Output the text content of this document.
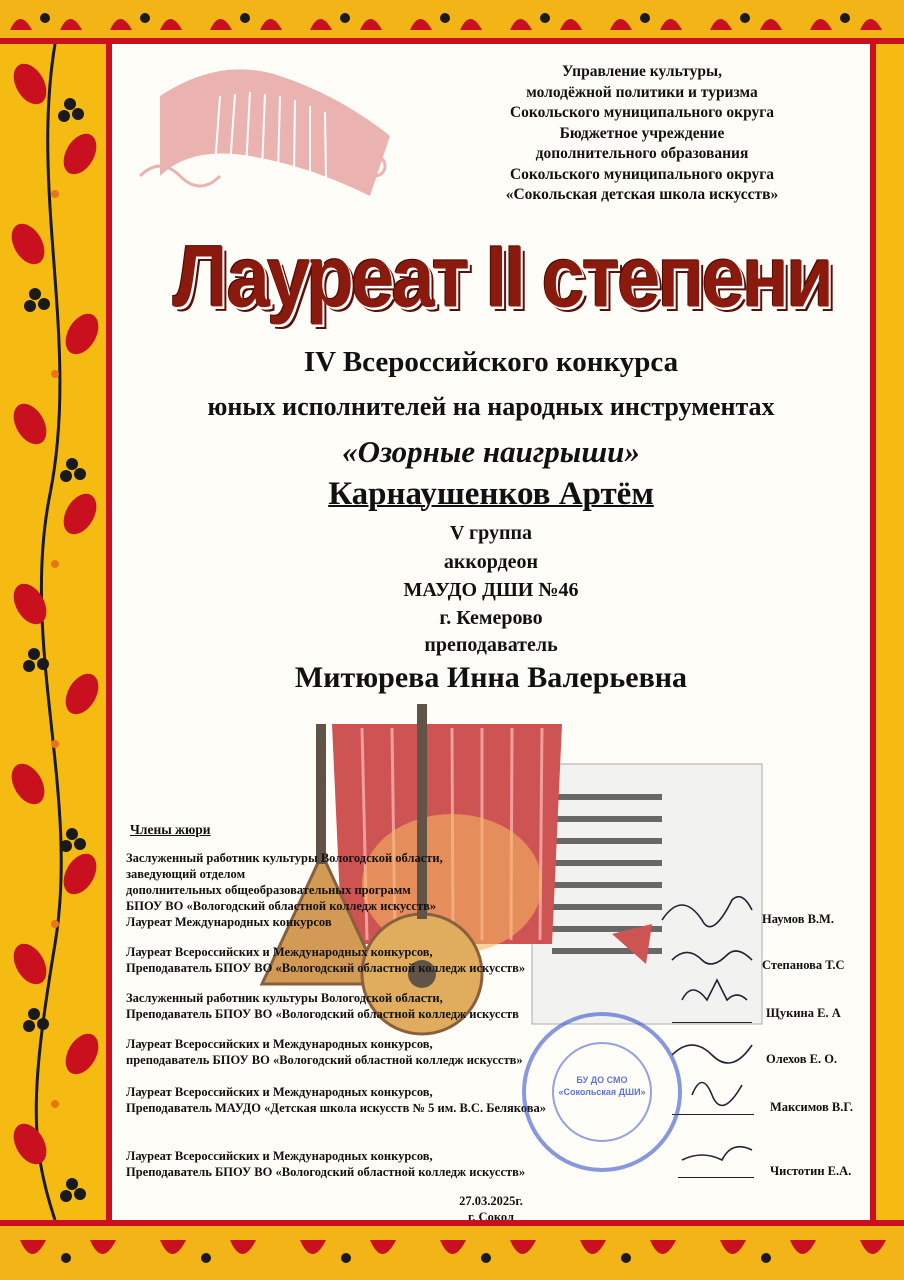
Управление культуры,
молодёжной политики и туризма
Сокольского муниципального округа
Бюджетное учреждение
дополнительного образования
Сокольского муниципального округа
«Сокольская детская школа искусств»
Лауреат II степени
IV Всероссийского конкурса
юных исполнителей на народных инструментах
«Озорные наигрыши»
Карнаушенков Артём
V группа
аккордеон
МАУДО ДШИ №46
г. Кемерово
преподаватель
Митюрева Инна Валерьевна
Члены жюри
Заслуженный работник культуры Вологодской области,
заведующий отделом
дополнительных общеобразовательных программ
БПОУ ВО «Вологодский областной колледж искусств»
Лауреат Международных конкурсов	Наумов В.М.
Лауреат Всероссийских и Международных конкурсов,
Преподаватель БПОУ ВО «Вологодский областной колледж искусств»	Степанова Т.С
Заслуженный работник культуры Вологодской области,
Преподаватель БПОУ ВО «Вологодский областной колледж искусств	Щукина Е. А
Лауреат Всероссийских и Международных конкурсов,
преподаватель БПОУ ВО «Вологодский областной колледж искусств»	Олехов Е. О.
Лауреат Всероссийских и Международных конкурсов,
Преподаватель МАУДО «Детская школа искусств № 5 им. В.С. Белякова»	Максимов В.Г.
Лауреат Всероссийских и Международных конкурсов,
Преподаватель БПОУ ВО «Вологодский областной колледж искусств»	Чистотин Е.А.
БУ ДО СМО
«Сокольская ДШИ»
27.03.2025г.
г. Сокол
